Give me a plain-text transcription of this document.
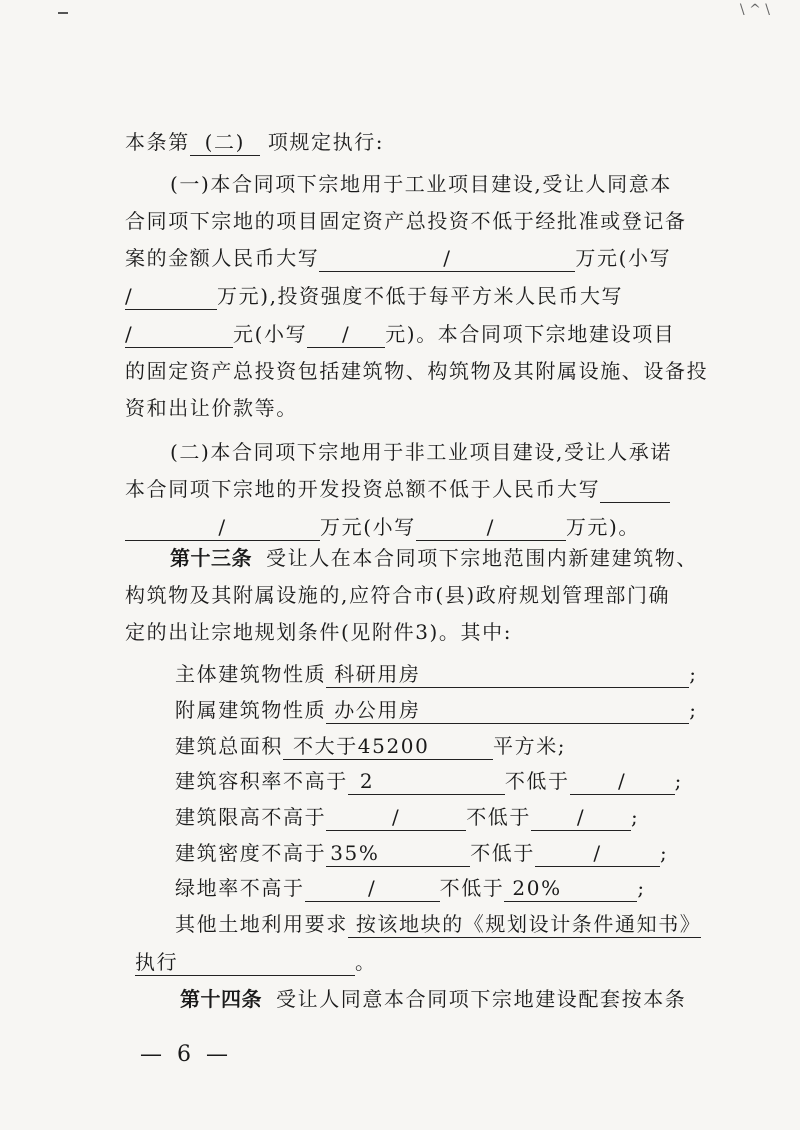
\ ^ \
本条第 (二) 项规定执行:
(一)本合同项下宗地用于工业项目建设,受让人同意本
合同项下宗地的项目固定资产总投资不低于经批准或登记备
案的金额人民币大写	/	万元(小写
/	万元),投资强度不低于每平方米人民币大写
/	元(小写 / 元)。本合同项下宗地建设项目
的固定资产总投资包括建筑物、构筑物及其附属设施、设备投
资和出让价款等。
(二)本合同项下宗地用于非工业项目建设,受让人承诺
本合同项下宗地的开发投资总额不低于人民币大写
/	万元(小写	/	万元)。
第十三条 受让人在本合同项下宗地范围内新建建筑物、
构筑物及其附属设施的,应符合市(县)政府规划管理部门确
定的出让宗地规划条件(见附件3)。其中:
主体建筑物性质 科研用房	;
附属建筑物性质 办公用房	;
建筑总面积 不大于45200	平方米;
建筑容积率不高于 2	不低于 / ;
建筑限高不高于	/	不低于 / ;
建筑密度不高于 35%	不低于	/	;
绿地率不高于	/	不低于 20%	;
其他土地利用要求 按该地块的《规划设计条件通知书》
执行	。
第十四条 受让人同意本合同项下宗地建设配套按本条
— 6 —
